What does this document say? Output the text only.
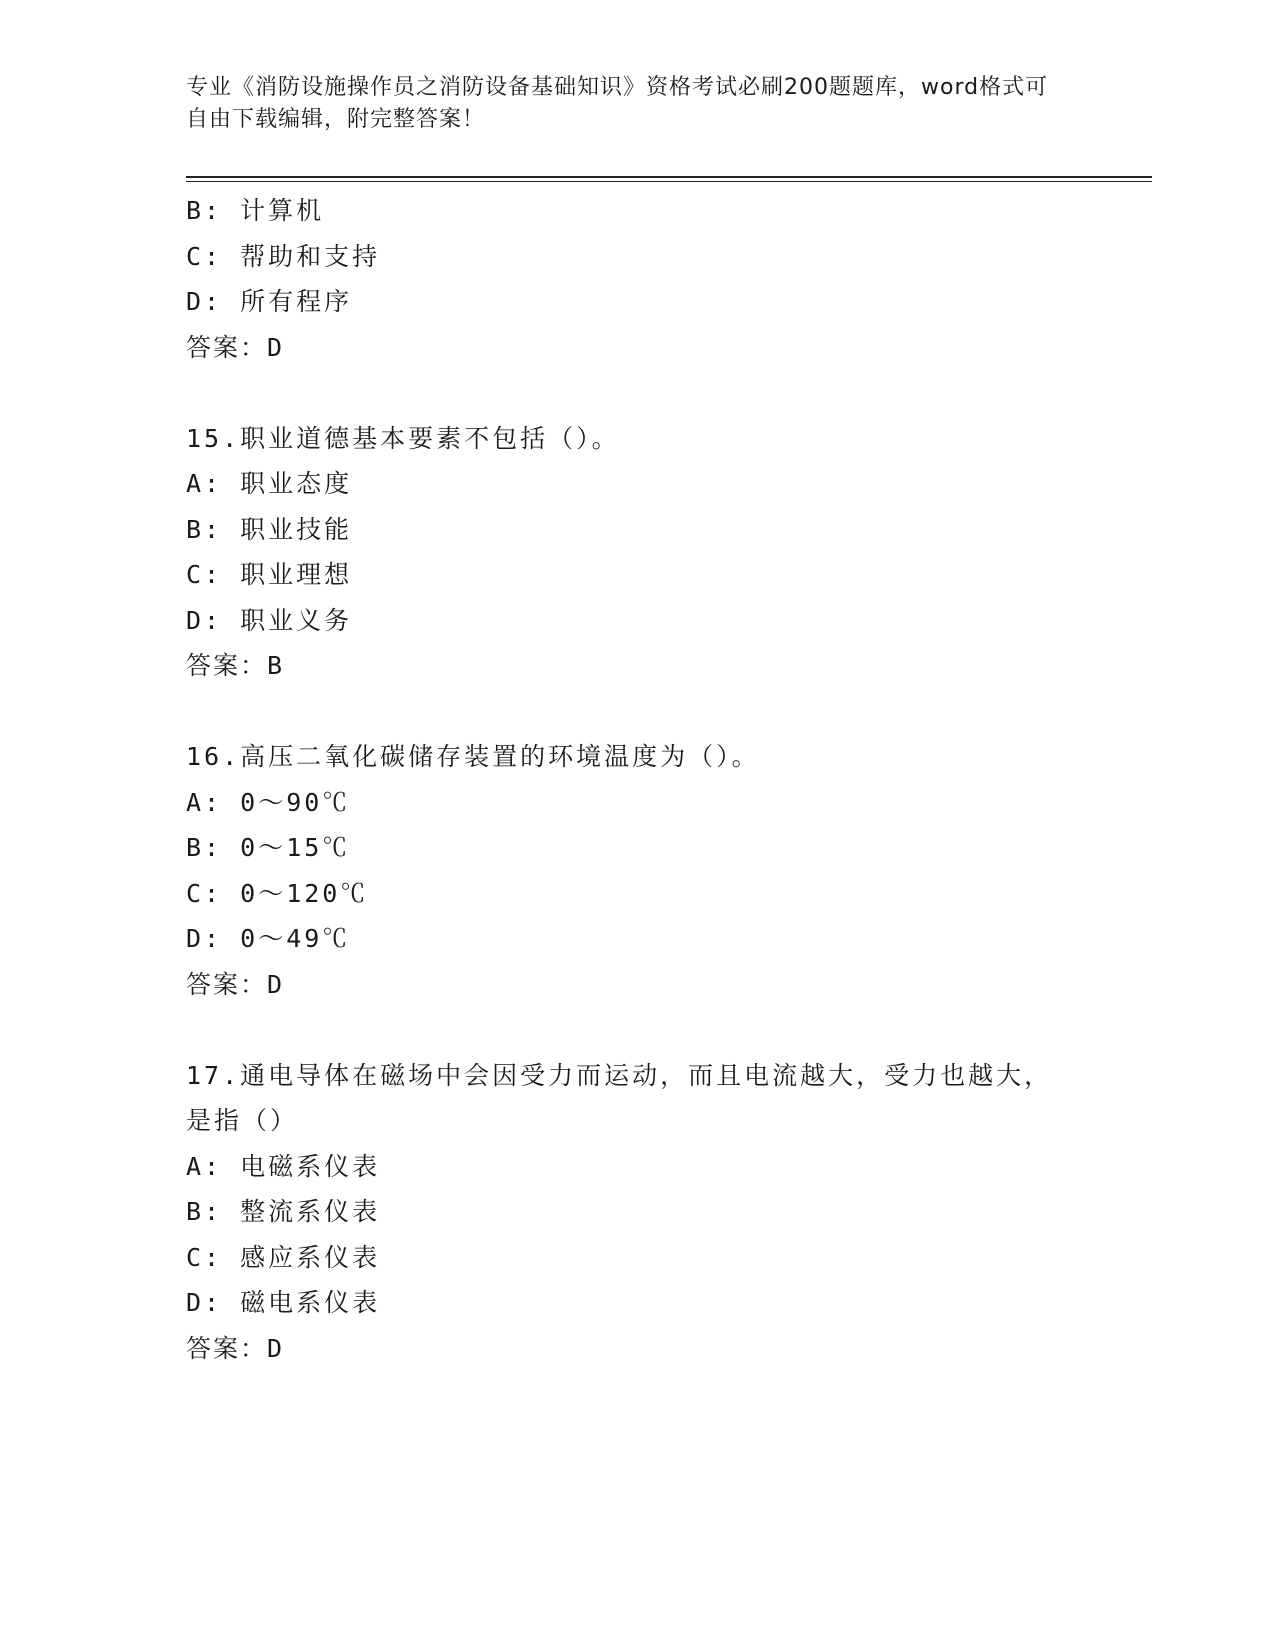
专业《消防设施操作员之消防设备基础知识》资格考试必刷200题题库，word格式可自由下载编辑，附完整答案！
B: 计算机
C: 帮助和支持
D: 所有程序
答案：D
15.职业道德基本要素不包括（）。
A: 职业态度
B: 职业技能
C: 职业理想
D: 职业义务
答案：B
16.高压二氧化碳储存装置的环境温度为（）。
A: 0～90℃
B: 0～15℃
C: 0～120℃
D: 0～49℃
答案：D
17.通电导体在磁场中会因受力而运动，而且电流越大，受力也越大，
是指（）
A: 电磁系仪表
B: 整流系仪表
C: 感应系仪表
D: 磁电系仪表
答案：D
